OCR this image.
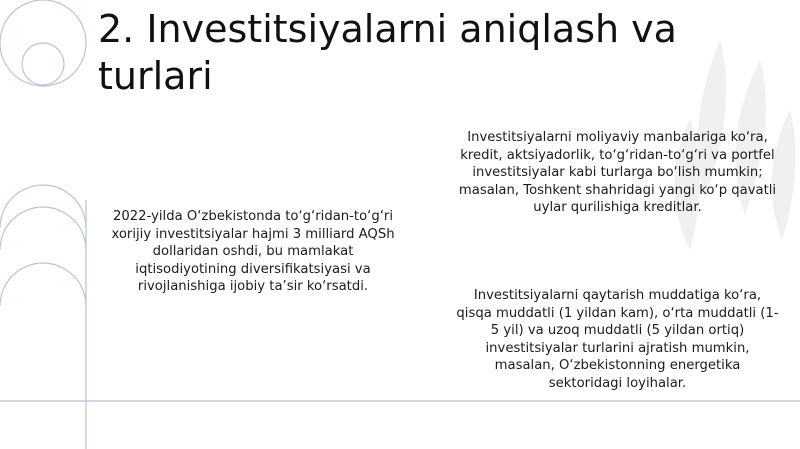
2. Investitsiyalarni aniqlash va turlari

2022-yilda O‘zbekistonda to‘g‘ridan-to‘g‘ri
xorijiy investitsiyalar hajmi 3 milliard AQSh
dollaridan oshdi, bu mamlakat
iqtisodiyotining diversifikatsiyasi va
rivojlanishiga ijobiy ta’sir ko‘rsatdi.

Investitsiyalarni moliyaviy manbalariga ko‘ra,
kredit, aktsiyadorlik, to‘g‘ridan-to‘g‘ri va portfel
investitsiyalar kabi turlarga bo‘lish mumkin;
masalan, Toshkent shahridagi yangi ko‘p qavatli
uylar qurilishiga kreditlar.

Investitsiyalarni qaytarish muddatiga ko‘ra,
qisqa muddatli (1 yildan kam), o‘rta muddatli (1-
5 yil) va uzoq muddatli (5 yildan ortiq)
investitsiyalar turlarini ajratish mumkin,
masalan, O‘zbekistonning energetika
sektoridagi loyihalar.
